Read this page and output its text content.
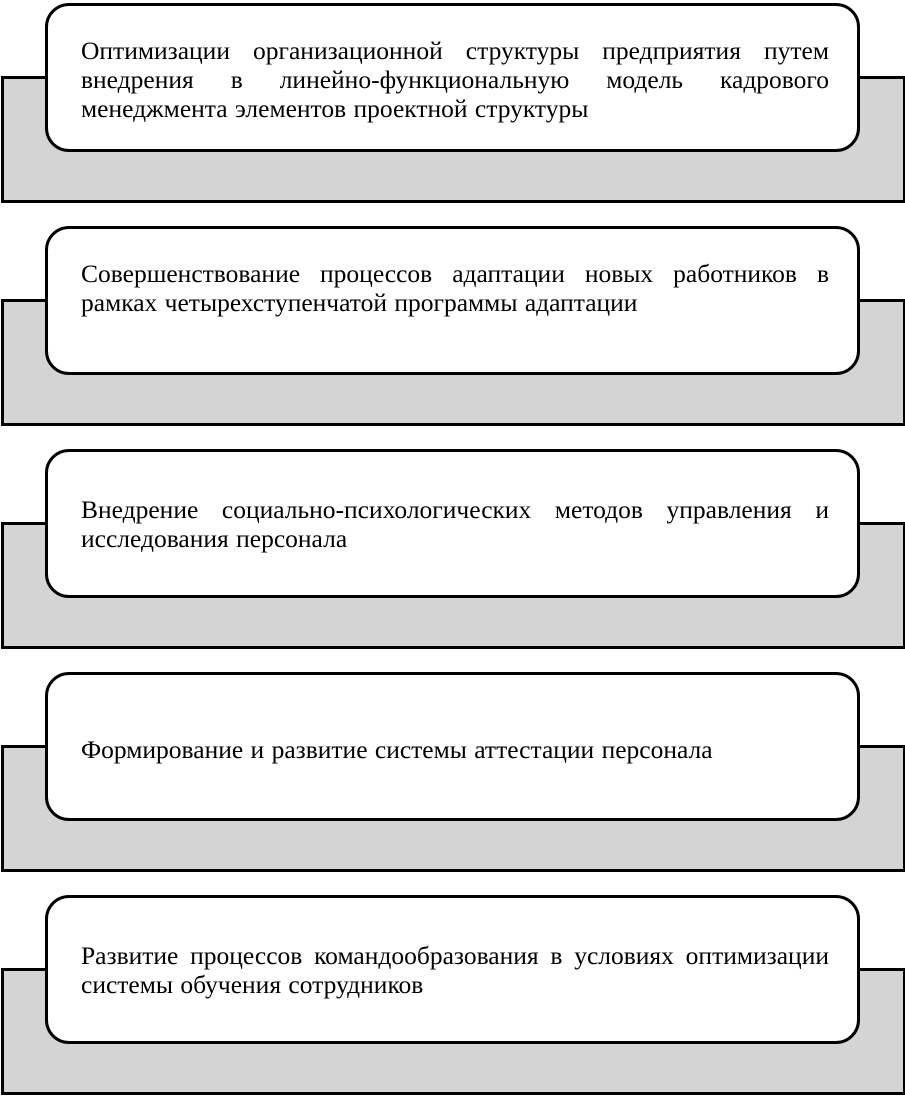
Оптимизации организационной структуры предприятия путем внедрения в линейно-функциональную модель кадрового менеджмента элементов проектной структуры
Совершенствование процессов адаптации новых работников в рамках четырехступенчатой программы адаптации
Внедрение социально-психологических методов управления и исследования персонала
Формирование и развитие системы аттестации персонала
Развитие процессов командообразования в условиях оптимизации системы обучения сотрудников
